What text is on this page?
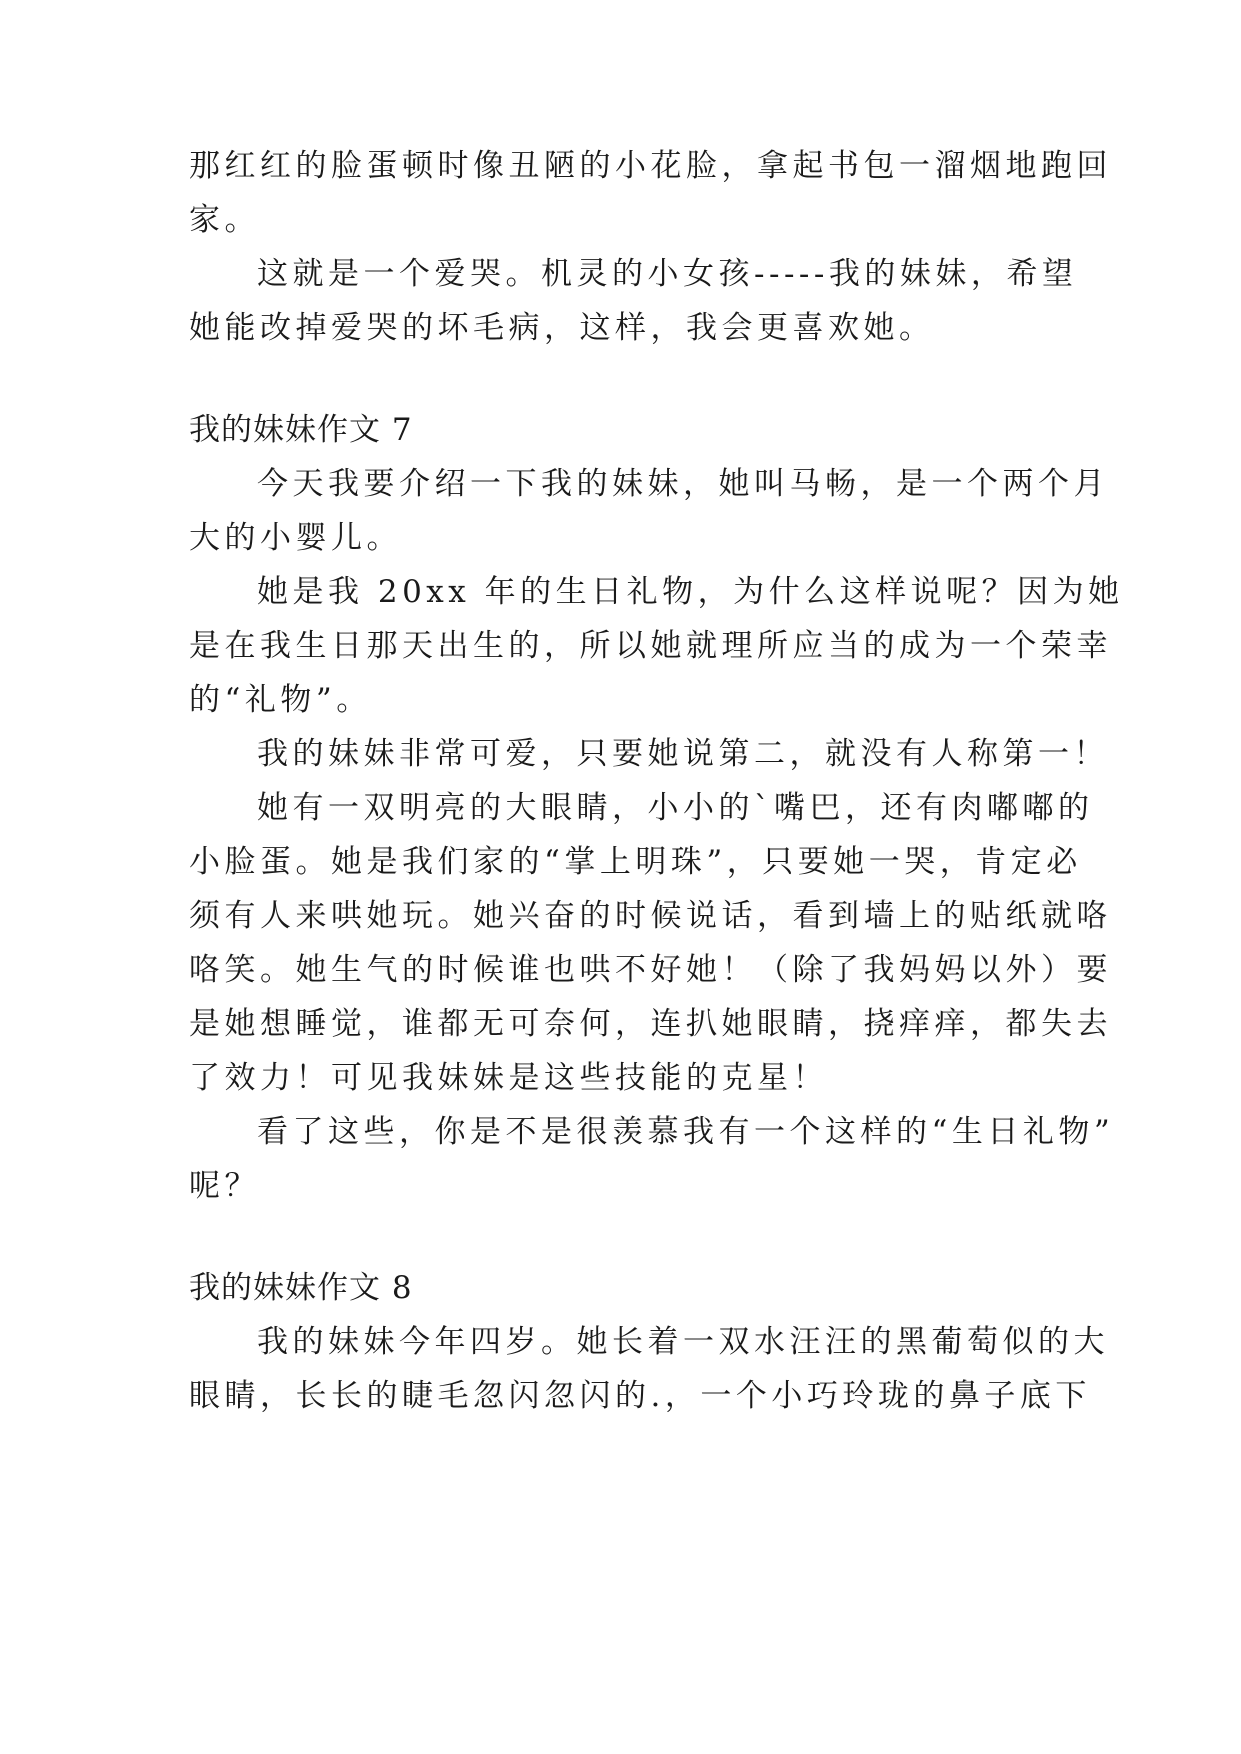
那红红的脸蛋顿时像丑陋的小花脸，拿起书包一溜烟地跑回
家。
这就是一个爱哭。机灵的小女孩-----我的妹妹，希望
她能改掉爱哭的坏毛病，这样，我会更喜欢她。
我的妹妹作文 7
今天我要介绍一下我的妹妹，她叫马畅，是一个两个月
大的小婴儿。
她是我 20xx 年的生日礼物，为什么这样说呢？因为她
是在我生日那天出生的，所以她就理所应当的成为一个荣幸
的“礼物”。
我的妹妹非常可爱，只要她说第二，就没有人称第一！
她有一双明亮的大眼睛，小小的`嘴巴，还有肉嘟嘟的
小脸蛋。她是我们家的“掌上明珠”，只要她一哭，肯定必
须有人来哄她玩。她兴奋的时候说话，看到墙上的贴纸就咯
咯笑。她生气的时候谁也哄不好她！（除了我妈妈以外）要
是她想睡觉，谁都无可奈何，连扒她眼睛，挠痒痒，都失去
了效力！可见我妹妹是这些技能的克星！
看了这些，你是不是很羡慕我有一个这样的“生日礼物”
呢？
我的妹妹作文 8
我的妹妹今年四岁。她长着一双水汪汪的黑葡萄似的大
眼睛，长长的睫毛忽闪忽闪的.，一个小巧玲珑的鼻子底下
